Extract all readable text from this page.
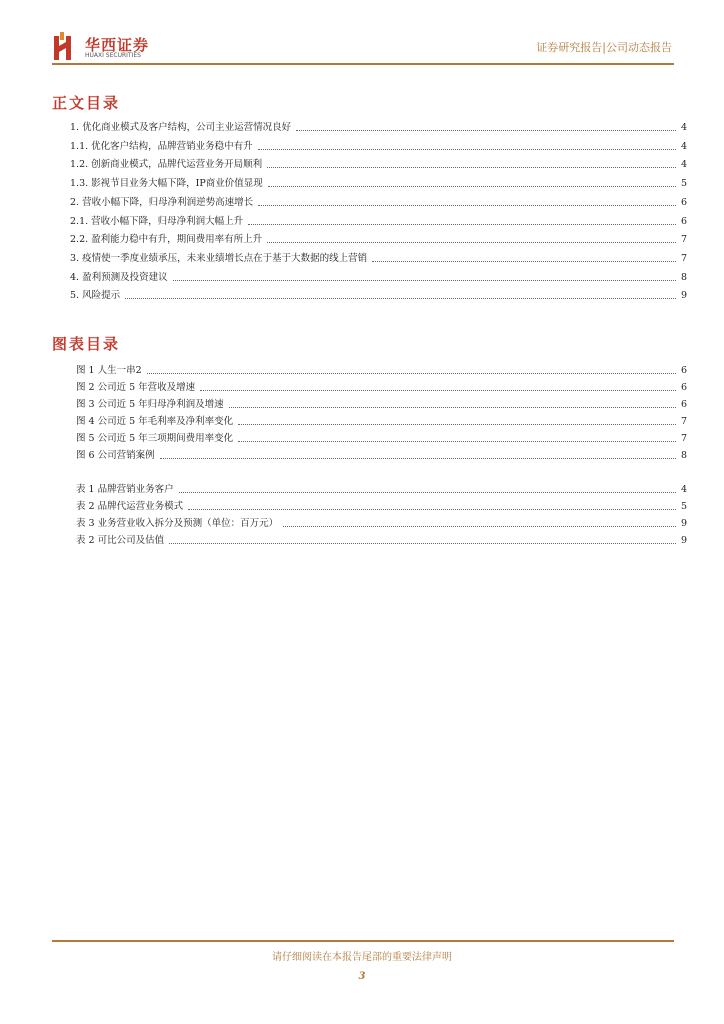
华西证券
HUAXI SECURITIES
证券研究报告|公司动态报告
正文目录
1. 优化商业模式及客户结构，公司主业运营情况良好	4
1.1. 优化客户结构，品牌营销业务稳中有升	4
1.2. 创新商业模式，品牌代运营业务开局顺利	4
1.3. 影视节目业务大幅下降，IP商业价值显现	5
2. 营收小幅下降，归母净利润逆势高速增长	6
2.1. 营收小幅下降，归母净利润大幅上升	6
2.2. 盈利能力稳中有升，期间费用率有所上升	7
3. 疫情使一季度业绩承压，未来业绩增长点在于基于大数据的线上营销	7
4. 盈利预测及投资建议	8
5. 风险提示	9
图表目录
图 1 人生一串2	6
图 2 公司近 5 年营收及增速	6
图 3 公司近 5 年归母净利润及增速	6
图 4 公司近 5 年毛利率及净利率变化	7
图 5 公司近 5 年三项期间费用率变化	7
图 6 公司营销案例	8
表 1 品牌营销业务客户	4
表 2 品牌代运营业务模式	5
表 3 业务营业收入拆分及预测（单位：百万元）	9
表 2 可比公司及估值	9
请仔细阅读在本报告尾部的重要法律声明
3
